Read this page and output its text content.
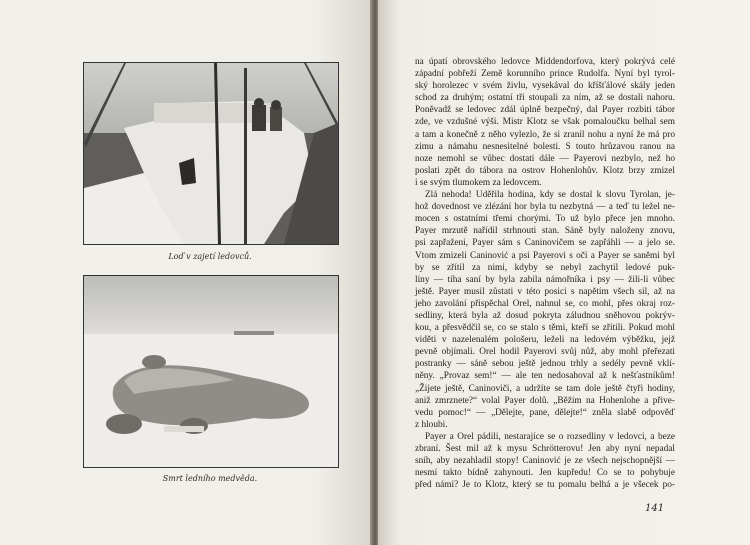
Loď v zajetí ledovců.
Smrt ledního medvěda.
na úpatí obrovského ledovce Middendorfova, který pokrývá celé
západní pobřeží Země korunního prince Rudolfa. Nyní byl tyrol-
ský horolezec v svém živlu, vysekával do kříšťálové skály jeden
schod za druhým; ostatní tři stoupali za ním, až se dostali nahoru.
Poněvadž se ledovec zdál úplně bezpečný, dal Payer rozbiti tábor
zde, ve vzdušné výši. Mistr Klotz se však pomaloučku belhal sem
a tam a konečně z něho vylezlo, že si zranil nohu a nyní že má pro
zimu a námahu nesnesitelné bolesti. S touto hrůzavou ranou na
noze nemohl se vůbec dostati dále — Payerovi nezbylo, než ho
poslati zpět do tábora na ostrov Hohenlohův. Klotz brzy zmizel
i se svým tlumokem za ledovcem.
Zlá nehoda! Uděřila hodina, kdy se dostal k slovu Tyrolan, je-
hož dovednost ve zlézání hor byla tu nezbytná — a teď tu ležel ne-
mocen s ostatními třemi chorými. To už bylo přece jen mnoho.
Payer mrzutě nařídil strhnouti stan. Sáně byly naloženy znovu,
psi zapřaženi, Payer sám s Caninovičem se zapřáhli — a jelo se.
Vtom zmizeli Caninović a psi Payerovi s očí a Payer se saněmi byl
by se zřítil za nimi, kdyby se nebyl zachytil ledové puk-
liny — tíha saní by byla zabila námořníka i psy — žili-li vůbec
ještě. Payer musil zůstati v této posici s napětím všech sil, až na
jeho zavolání přispěchal Orel, nahnul se, co mohl, přes okraj roz-
sedliny, která byla až dosud pokryta záludnou sněhovou pokrýv-
kou, a přesvědčil se, co se stalo s těmi, kteří se zřítili. Pokud mohl
viděti v nazelenalém pološeru, leželi na ledovém výběžku, jejž
pevně objímali. Orel hodil Payerovi svůj nůž, aby mohl přeřezati
postranky — sáně sebou ještě jednou trhly a sedély pevně vklí-
něny. „Provaz sem!“ — ale ten nedosahoval až k nešťastníkům!
„Žijete ještě, Caninoviči, a udržíte se tam dole ještě čtyři hodiny,
aniž zmrznete?“ volal Payer dolů. „Běžím na Hohenlohe a přive-
vedu pomoc!“ — „Dělejte, pane, dělejte!“ zněla slabě odpověď
z hloubi.
Payer a Orel pádili, nestarajíce se o rozsedliny v ledovci, a beze
zbraní. Šest mil až k mysu Schrötterovu! Jen aby nyní nepadal
sníh, aby nezahladil stopy! Caninović je ze všech nejschopnější —
nesmí takto bídně zahynouti. Jen kupředu! Co se to pohybuje
před námi? Je to Klotz, který se tu pomalu belhá a je všecek po-
141
